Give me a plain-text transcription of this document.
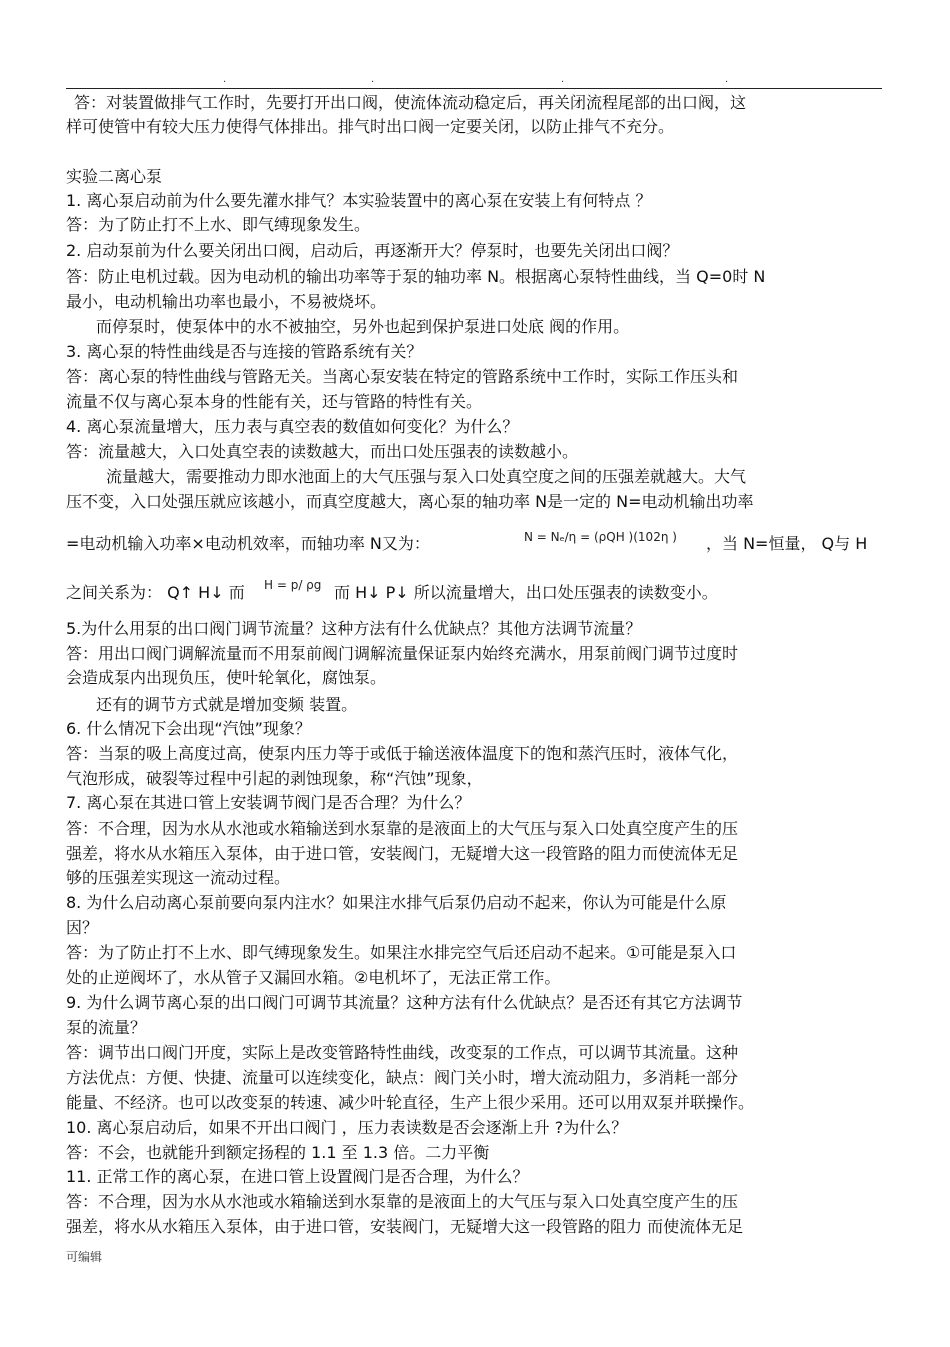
.	.	.	.
答：对装置做排气工作时，先要打开出口阀，使流体流动稳定后，再关闭流程尾部的出口阀，这
样可使管中有较大压力使得气体排出。排气时出口阀一定要关闭，以防止排气不充分。
实验二离心泵
1. 离心泵启动前为什么要先灌水排气？本实验装置中的离心泵在安装上有何特点 ？
答：为了防止打不上水、即气缚现象发生。
2. 启动泵前为什么要关闭出口阀，启动后，再逐渐开大？停泵时，也要先关闭出口阀？
答：防止电机过载。因为电动机的输出功率等于泵的轴功率 N。根据离心泵特性曲线，当 Q=0时 N
最小，电动机输出功率也最小，不易被烧坏。
而停泵时，使泵体中的水不被抽空，另外也起到保护泵进口处底 阀的作用。
3. 离心泵的特性曲线是否与连接的管路系统有关？
答：离心泵的特性曲线与管路无关。当离心泵安装在特定的管路系统中工作时，实际工作压头和
流量不仅与离心泵本身的性能有关，还与管路的特性有关。
4. 离心泵流量增大，压力表与真空表的数值如何变化？为什么？
答：流量越大，入口处真空表的读数越大，而出口处压强表的读数越小。
流量越大，需要推动力即水池面上的大气压强与泵入口处真空度之间的压强差就越大。大气
压不变，入口处强压就应该越小，而真空度越大，离心泵的轴功率 N是一定的 N=电动机输出功率
=电动机输入功率×电动机效率，而轴功率 N又为：	N = Nₑ/η = (ρQH )(102η ) ，当 N=恒量， Q与 H
之间关系为： Q↑ H↓ 而 H = p/ ρg 而 H↓ P↓ 所以流量增大，出口处压强表的读数变小。
5.为什么用泵的出口阀门调节流量？这种方法有什么优缺点？其他方法调节流量？
答：用出口阀门调解流量而不用泵前阀门调解流量保证泵内始终充满水，用泵前阀门调节过度时
会造成泵内出现负压，使叶轮氧化，腐蚀泵。
还有的调节方式就是增加变频 装置。
6. 什么情况下会出现“汽蚀”现象？
答：当泵的吸上高度过高，使泵内压力等于或低于输送液体温度下的饱和蒸汽压时，液体气化，
气泡形成，破裂等过程中引起的剥蚀现象，称“汽蚀”现象，
7. 离心泵在其进口管上安装调节阀门是否合理？为什么？
答：不合理，因为水从水池或水箱输送到水泵靠的是液面上的大气压与泵入口处真空度产生的压
强差，将水从水箱压入泵体，由于进口管，安装阀门，无疑增大这一段管路的阻力而使流体无足
够的压强差实现这一流动过程。
8. 为什么启动离心泵前要向泵内注水？如果注水排气后泵仍启动不起来，你认为可能是什么原
因？
答：为了防止打不上水、即气缚现象发生。如果注水排完空气后还启动不起来。①可能是泵入口
处的止逆阀坏了，水从管子又漏回水箱。②电机坏了，无法正常工作。
9. 为什么调节离心泵的出口阀门可调节其流量？这种方法有什么优缺点？是否还有其它方法调节
泵的流量？
答：调节出口阀门开度，实际上是改变管路特性曲线，改变泵的工作点，可以调节其流量。这种
方法优点：方便、快捷、流量可以连续变化，缺点：阀门关小时，增大流动阻力，多消耗一部分
能量、不经济。也可以改变泵的转速、减少叶轮直径，生产上很少采用。还可以用双泵并联操作。
10. 离心泵启动后，如果不开出口阀门 ，压力表读数是否会逐渐上升 ?为什么？
答：不会，也就能升到额定扬程的 1.1 至 1.3 倍。二力平衡
11. 正常工作的离心泵，在进口管上设置阀门是否合理，为什么？
答：不合理，因为水从水池或水箱输送到水泵靠的是液面上的大气压与泵入口处真空度产生的压
强差，将水从水箱压入泵体，由于进口管，安装阀门，无疑增大这一段管路的阻力 而使流体无足
可编辑
